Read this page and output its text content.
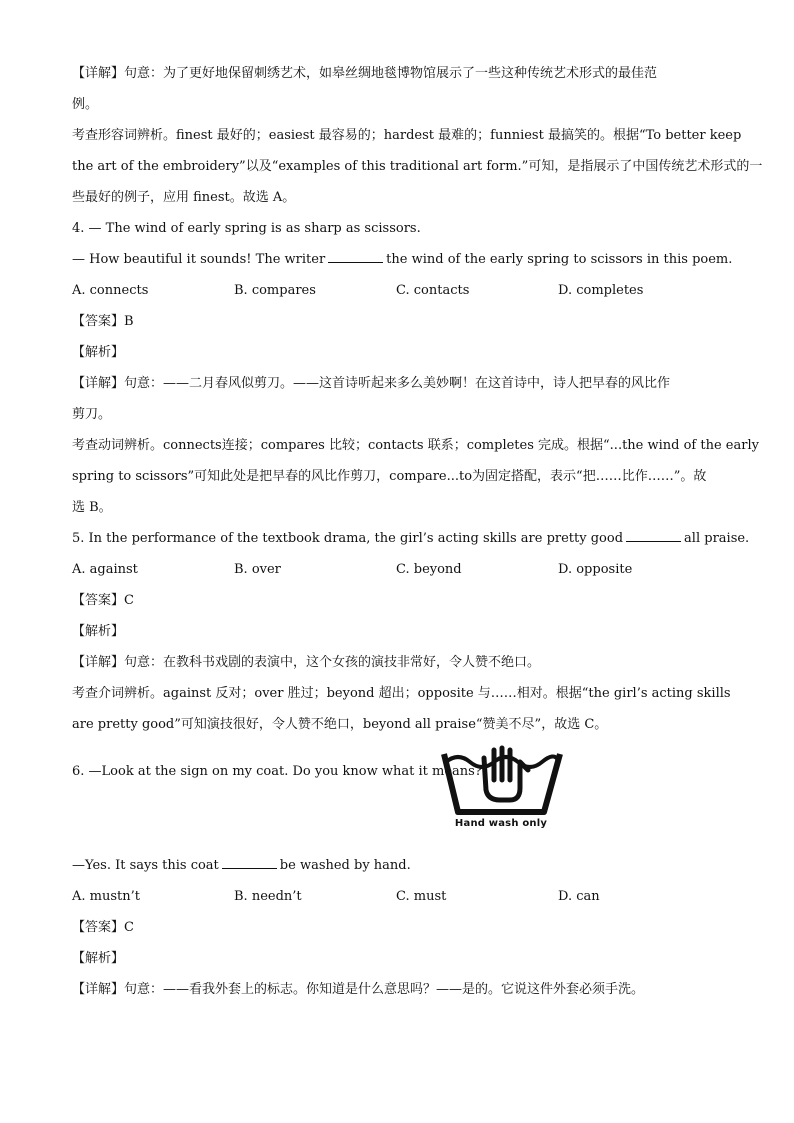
【详解】句意：为了更好地保留刺绣艺术，如皋丝绸地毯博物馆展示了一些这种传统艺术形式的最佳范
例。
考查形容词辨析。finest 最好的；easiest 最容易的；hardest 最难的；funniest 最搞笑的。根据“To better keep
the art of the embroidery”以及“examples of this traditional art form.”可知，是指展示了中国传统艺术形式的一
些最好的例子，应用 finest。故选 A。
4. — The wind of early spring is as sharp as scissors.
— How beautiful it sounds! The writer	the wind of the early spring to scissors in this poem.
A. connects	B. compares	C. contacts	D. completes
【答案】B
【解析】
【详解】句意：——二月春风似剪刀。——这首诗听起来多么美妙啊！在这首诗中，诗人把早春的风比作
剪刀。
考查动词辨析。connects连接；compares 比较；contacts 联系；completes 完成。根据“...the wind of the early
spring to scissors”可知此处是把早春的风比作剪刀，compare...to为固定搭配，表示“把……比作……”。故
选 B。
5. In the performance of the textbook drama, the girl’s acting skills are pretty good	all praise.
A. against	B. over	C. beyond	D. opposite
【答案】C
【解析】
【详解】句意：在教科书戏剧的表演中，这个女孩的演技非常好，令人赞不绝口。
考查介词辨析。against 反对；over 胜过；beyond 超出；opposite 与……相对。根据“the girl’s acting skills
are pretty good”可知演技很好，令人赞不绝口，beyond all praise“赞美不尽”，故选 C。
6. —Look at the sign on my coat. Do you know what it means?
Hand wash only
—Yes. It says this coat	be washed by hand.
A. mustn’t	B. needn’t	C. must	D. can
【答案】C
【解析】
【详解】句意：——看我外套上的标志。你知道是什么意思吗？——是的。它说这件外套必须手洗。
